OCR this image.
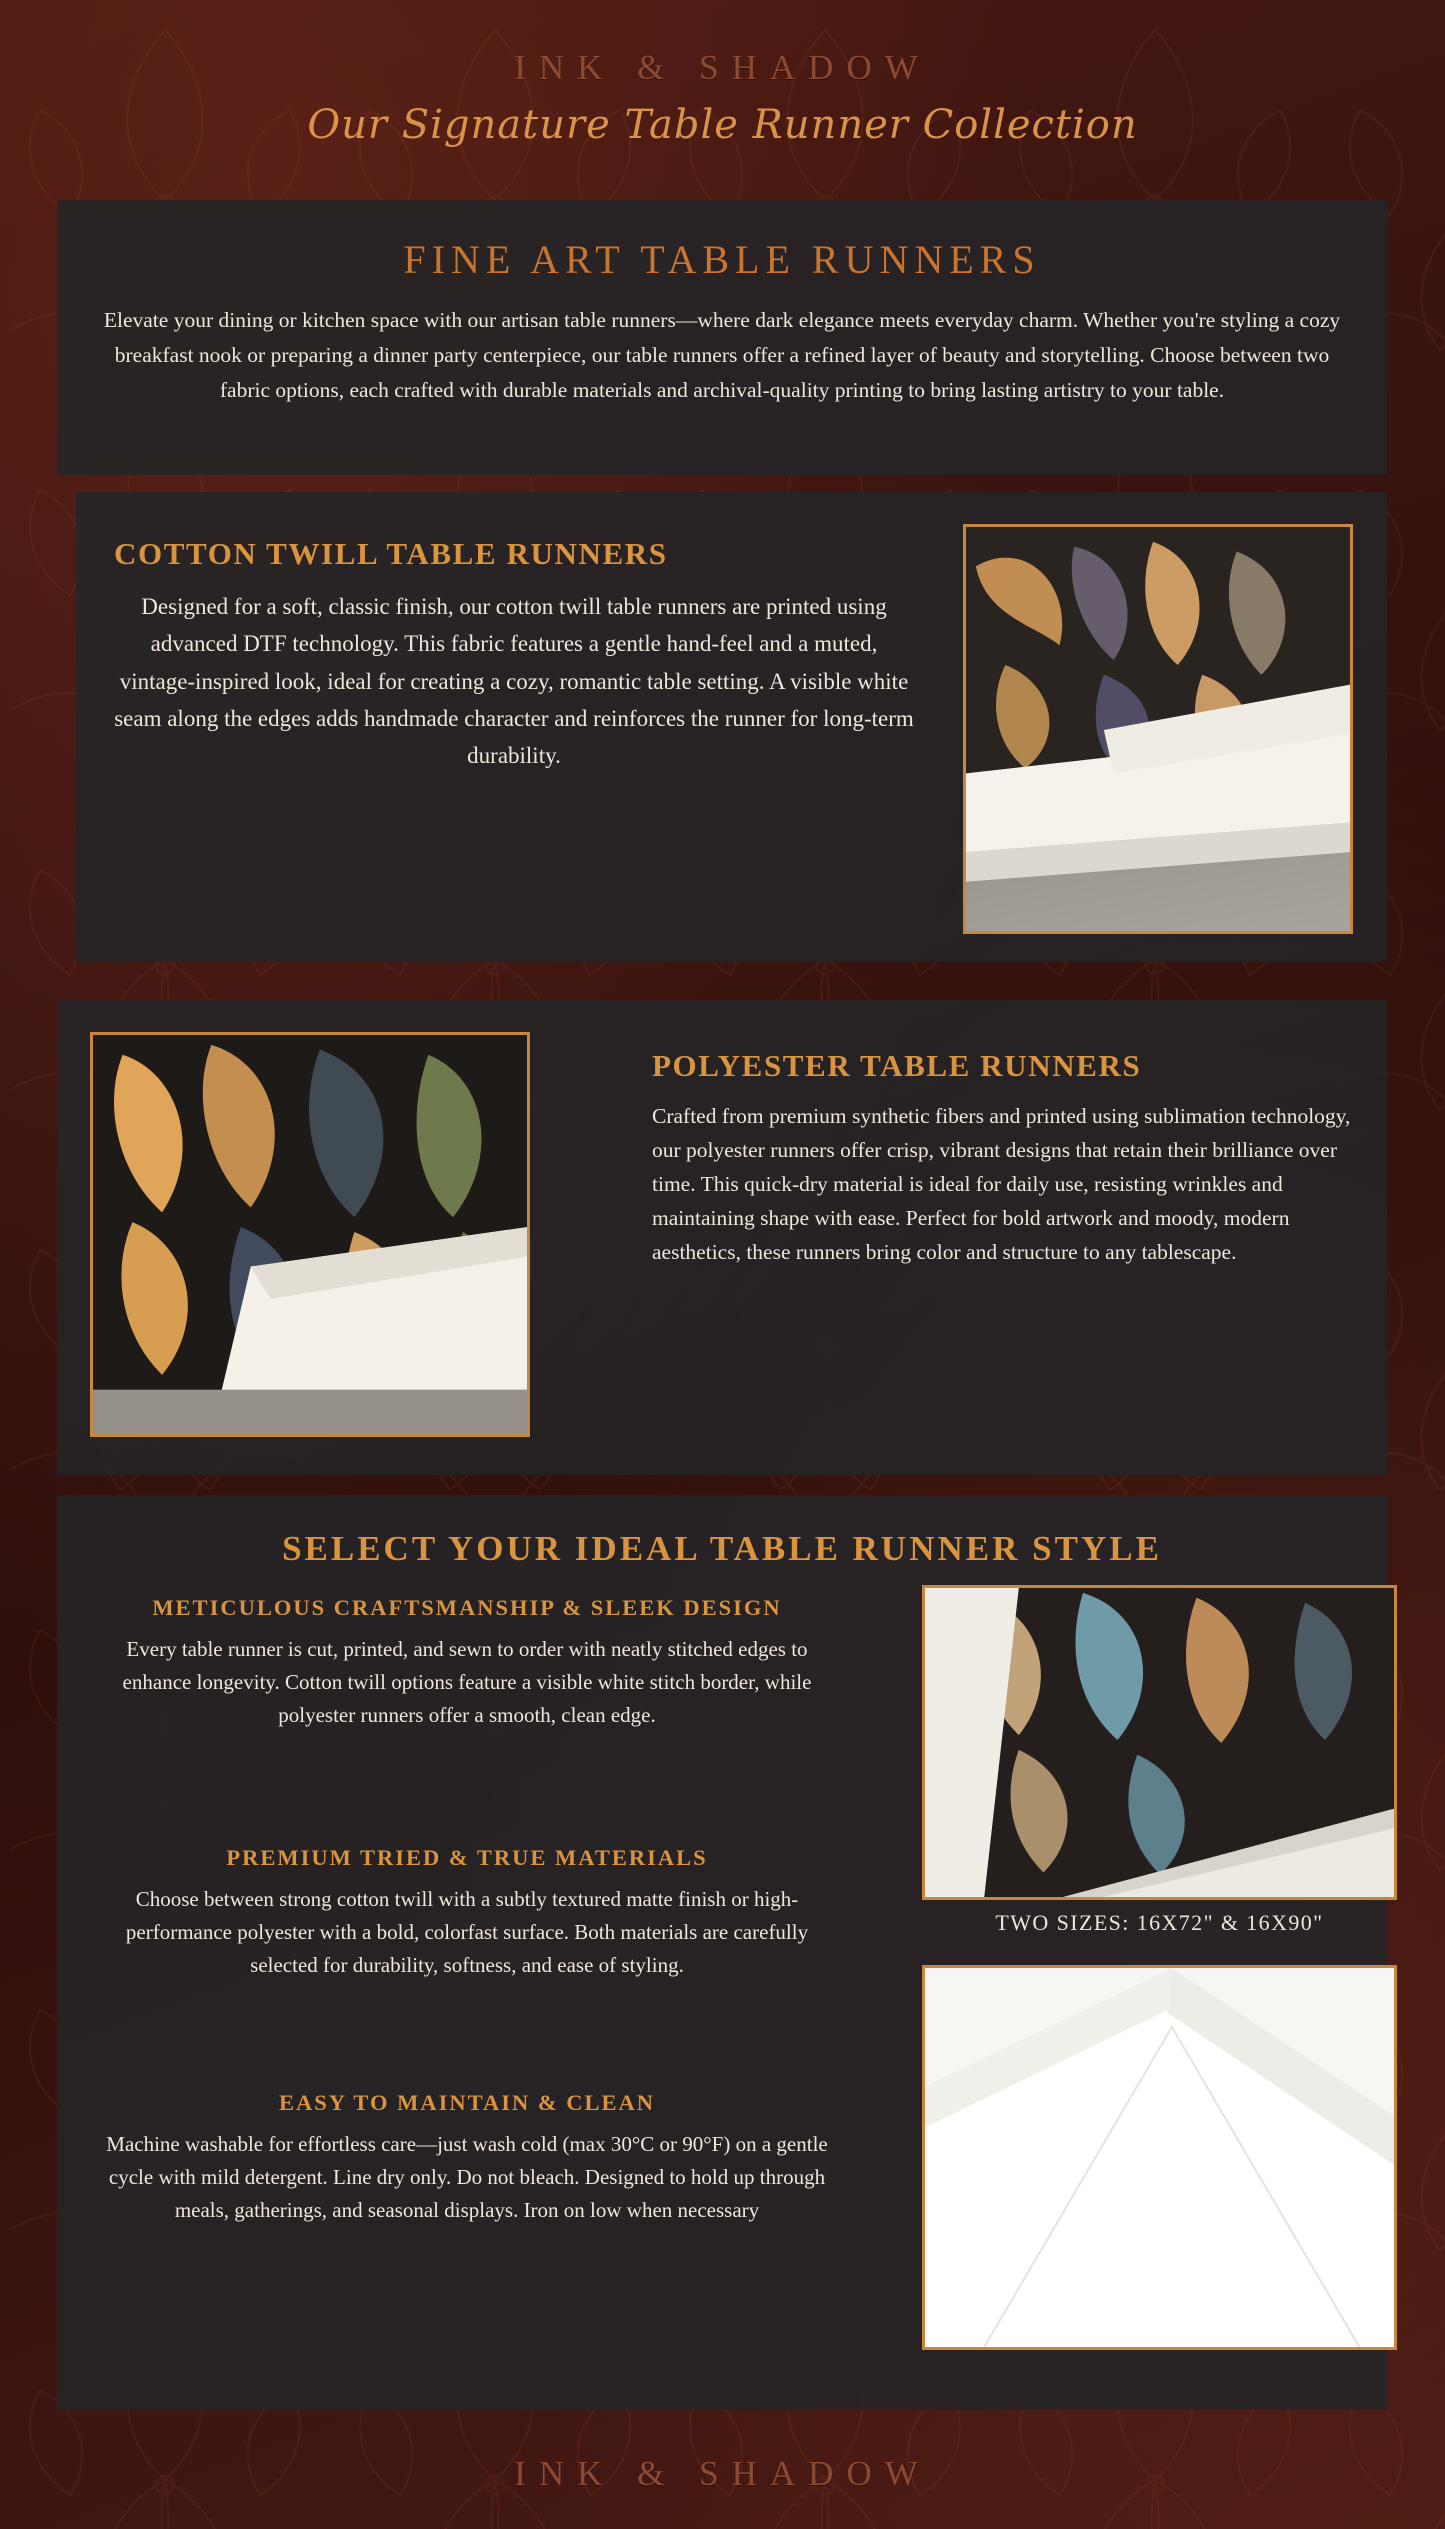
INK & SHADOW
Our Signature Table Runner Collection
FINE ART TABLE RUNNERS
Elevate your dining or kitchen space with our artisan table runners—where dark elegance meets everyday charm. Whether you're styling a cozy breakfast nook or preparing a dinner party centerpiece, our table runners offer a refined layer of beauty and storytelling. Choose between two fabric options, each crafted with durable materials and archival-quality printing to bring lasting artistry to your table.
COTTON TWILL TABLE RUNNERS
Designed for a soft, classic finish, our cotton twill table runners are printed using advanced DTF technology. This fabric features a gentle hand-feel and a muted, vintage-inspired look, ideal for creating a cozy, romantic table setting. A visible white seam along the edges adds handmade character and reinforces the runner for long-term durability.
POLYESTER TABLE RUNNERS
Crafted from premium synthetic fibers and printed using sublimation technology, our polyester runners offer crisp, vibrant designs that retain their brilliance over time. This quick-dry material is ideal for daily use, resisting wrinkles and maintaining shape with ease. Perfect for bold artwork and moody, modern aesthetics, these runners bring color and structure to any tablescape.
SELECT YOUR IDEAL TABLE RUNNER STYLE
METICULOUS CRAFTSMANSHIP & SLEEK DESIGN
Every table runner is cut, printed, and sewn to order with neatly stitched edges to enhance longevity. Cotton twill options feature a visible white stitch border, while polyester runners offer a smooth, clean edge.
PREMIUM TRIED & TRUE MATERIALS
Choose between strong cotton twill with a subtly textured matte finish or high-performance polyester with a bold, colorfast surface. Both materials are carefully selected for durability, softness, and ease of styling.
EASY TO MAINTAIN & CLEAN
Machine washable for effortless care—just wash cold (max 30°C or 90°F) on a gentle cycle with mild detergent. Line dry only. Do not bleach. Designed to hold up through meals, gatherings, and seasonal displays. Iron on low when necessary
TWO SIZES: 16X72" & 16X90"
INK & SHADOW
